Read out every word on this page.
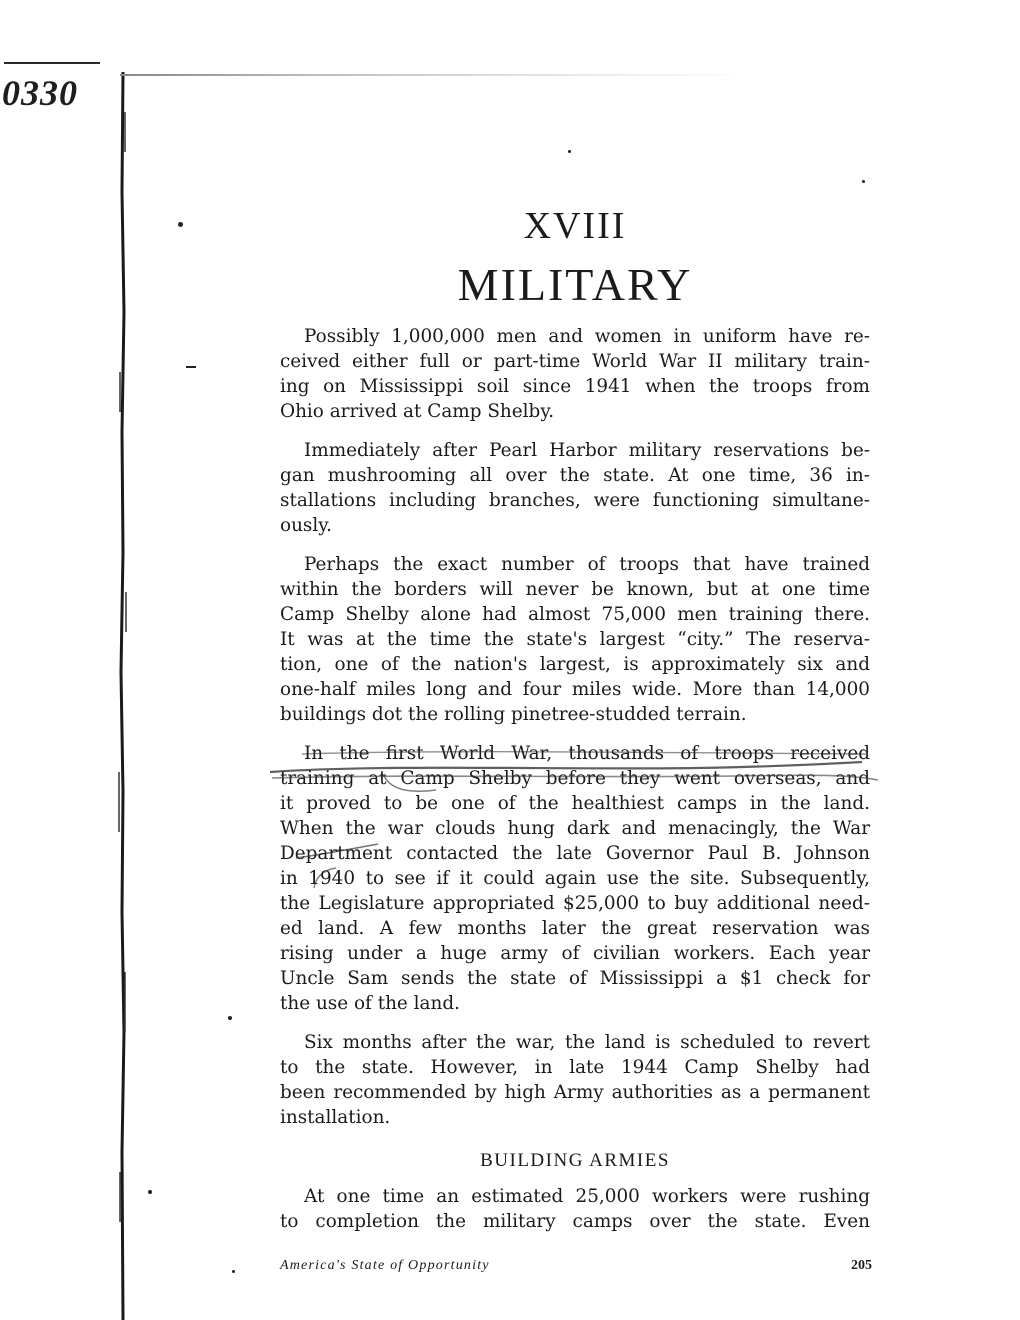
0330
XVIII
MILITARY
Possibly 1,000,000 men and women in uniform have re-
ceived either full or part-time World War II military train-
ing on Mississippi soil since 1941 when the troops from
Ohio arrived at Camp Shelby.
Immediately after Pearl Harbor military reservations be-
gan mushrooming all over the state. At one time, 36 in-
stallations including branches, were functioning simultane-
ously.
Perhaps the exact number of troops that have trained
within the borders will never be known, but at one time
Camp Shelby alone had almost 75,000 men training there.
It was at the time the state's largest “city.” The reserva-
tion, one of the nation's largest, is approximately six and
one-half miles long and four miles wide. More than 14,000
buildings dot the rolling pinetree-studded terrain.
In the first World War, thousands of troops received
training at Camp Shelby before they went overseas, and
it proved to be one of the healthiest camps in the land.
When the war clouds hung dark and menacingly, the War
Department contacted the late Governor Paul B. Johnson
in 1940 to see if it could again use the site. Subsequently,
the Legislature appropriated $25,000 to buy additional need-
ed land. A few months later the great reservation was
rising under a huge army of civilian workers. Each year
Uncle Sam sends the state of Mississippi a $1 check for
the use of the land.
Six months after the war, the land is scheduled to revert
to the state. However, in late 1944 Camp Shelby had
been recommended by high Army authorities as a permanent
installation.
BUILDING ARMIES
At one time an estimated 25,000 workers were rushing
to completion the military camps over the state. Even
America's State of Opportunity	205
